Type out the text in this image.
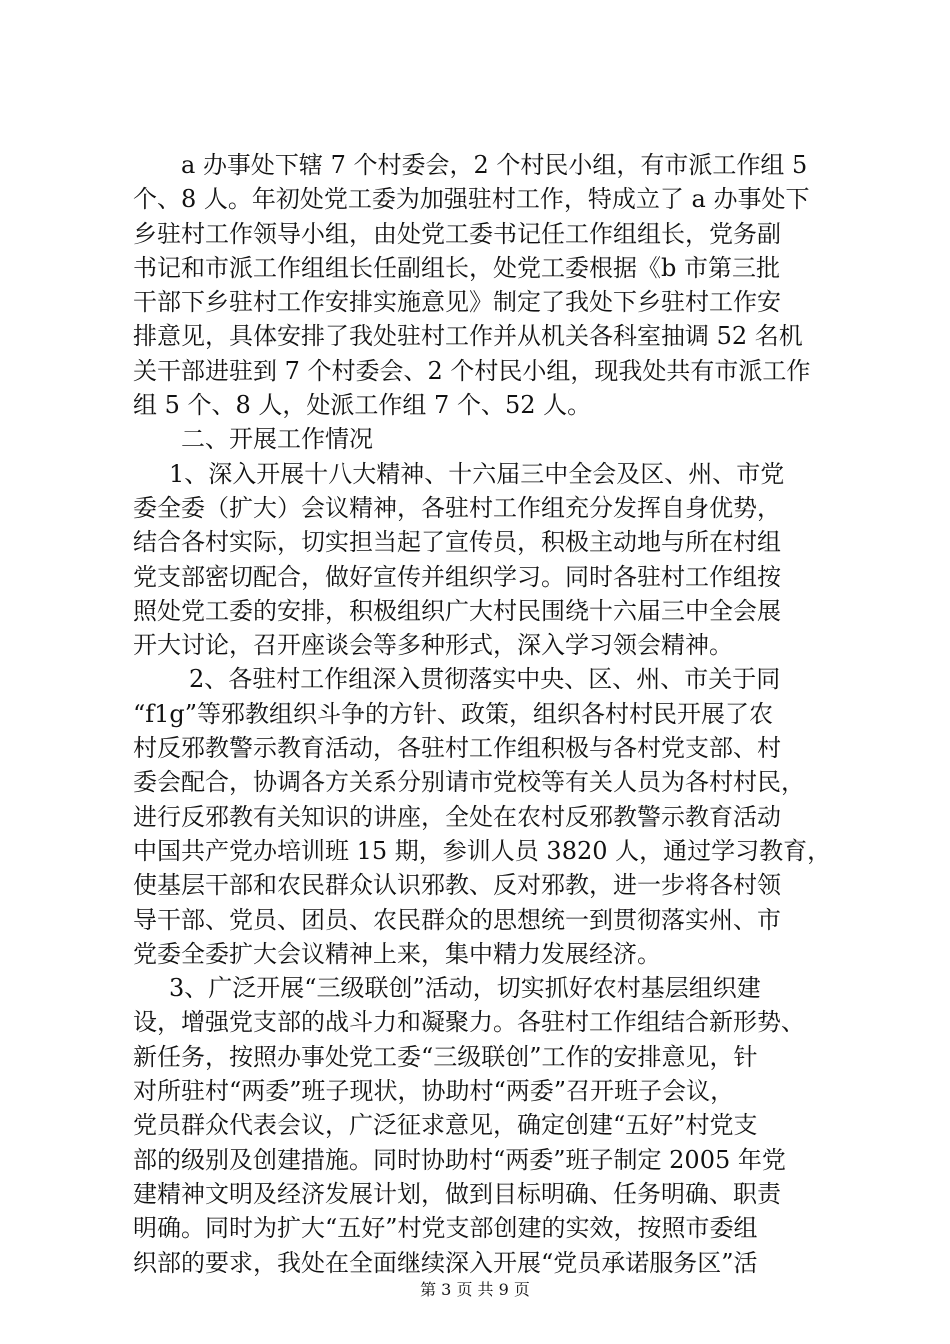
a 办事处下辖 7 个村委会，2 个村民小组，有市派工作组 5
个、8 人。年初处党工委为加强驻村工作，特成立了 a 办事处下
乡驻村工作领导小组，由处党工委书记任工作组组长，党务副
书记和市派工作组组长任副组长，处党工委根据《b 市第三批
干部下乡驻村工作安排实施意见》制定了我处下乡驻村工作安
排意见，具体安排了我处驻村工作并从机关各科室抽调 52 名机
关干部进驻到 7 个村委会、2 个村民小组，现我处共有市派工作
组 5 个、8 人，处派工作组 7 个、52 人。
二、开展工作情况
1、深入开展十八大精神、十六届三中全会及区、州、市党
委全委（扩大）会议精神，各驻村工作组充分发挥自身优势，
结合各村实际，切实担当起了宣传员，积极主动地与所在村组
党支部密切配合，做好宣传并组织学习。同时各驻村工作组按
照处党工委的安排，积极组织广大村民围绕十六届三中全会展
开大讨论，召开座谈会等多种形式，深入学习领会精神。
2、各驻村工作组深入贯彻落实中央、区、州、市关于同
“f1g”等邪教组织斗争的方针、政策，组织各村村民开展了农
村反邪教警示教育活动，各驻村工作组积极与各村党支部、村
委会配合，协调各方关系分别请市党校等有关人员为各村村民，
进行反邪教有关知识的讲座，全处在农村反邪教警示教育活动
中国共产党办培训班 15 期，参训人员 3820 人，通过学习教育，
使基层干部和农民群众认识邪教、反对邪教，进一步将各村领
导干部、党员、团员、农民群众的思想统一到贯彻落实州、市
党委全委扩大会议精神上来，集中精力发展经济。
3、广泛开展“三级联创”活动，切实抓好农村基层组织建
设，增强党支部的战斗力和凝聚力。各驻村工作组结合新形势、
新任务，按照办事处党工委“三级联创”工作的安排意见，针
对所驻村“两委”班子现状，协助村“两委”召开班子会议，
党员群众代表会议，广泛征求意见，确定创建“五好”村党支
部的级别及创建措施。同时协助村“两委”班子制定 2005 年党
建精神文明及经济发展计划，做到目标明确、任务明确、职责
明确。同时为扩大“五好”村党支部创建的实效，按照市委组
织部的要求，我处在全面继续深入开展“党员承诺服务区”活
第 3 页 共 9 页
